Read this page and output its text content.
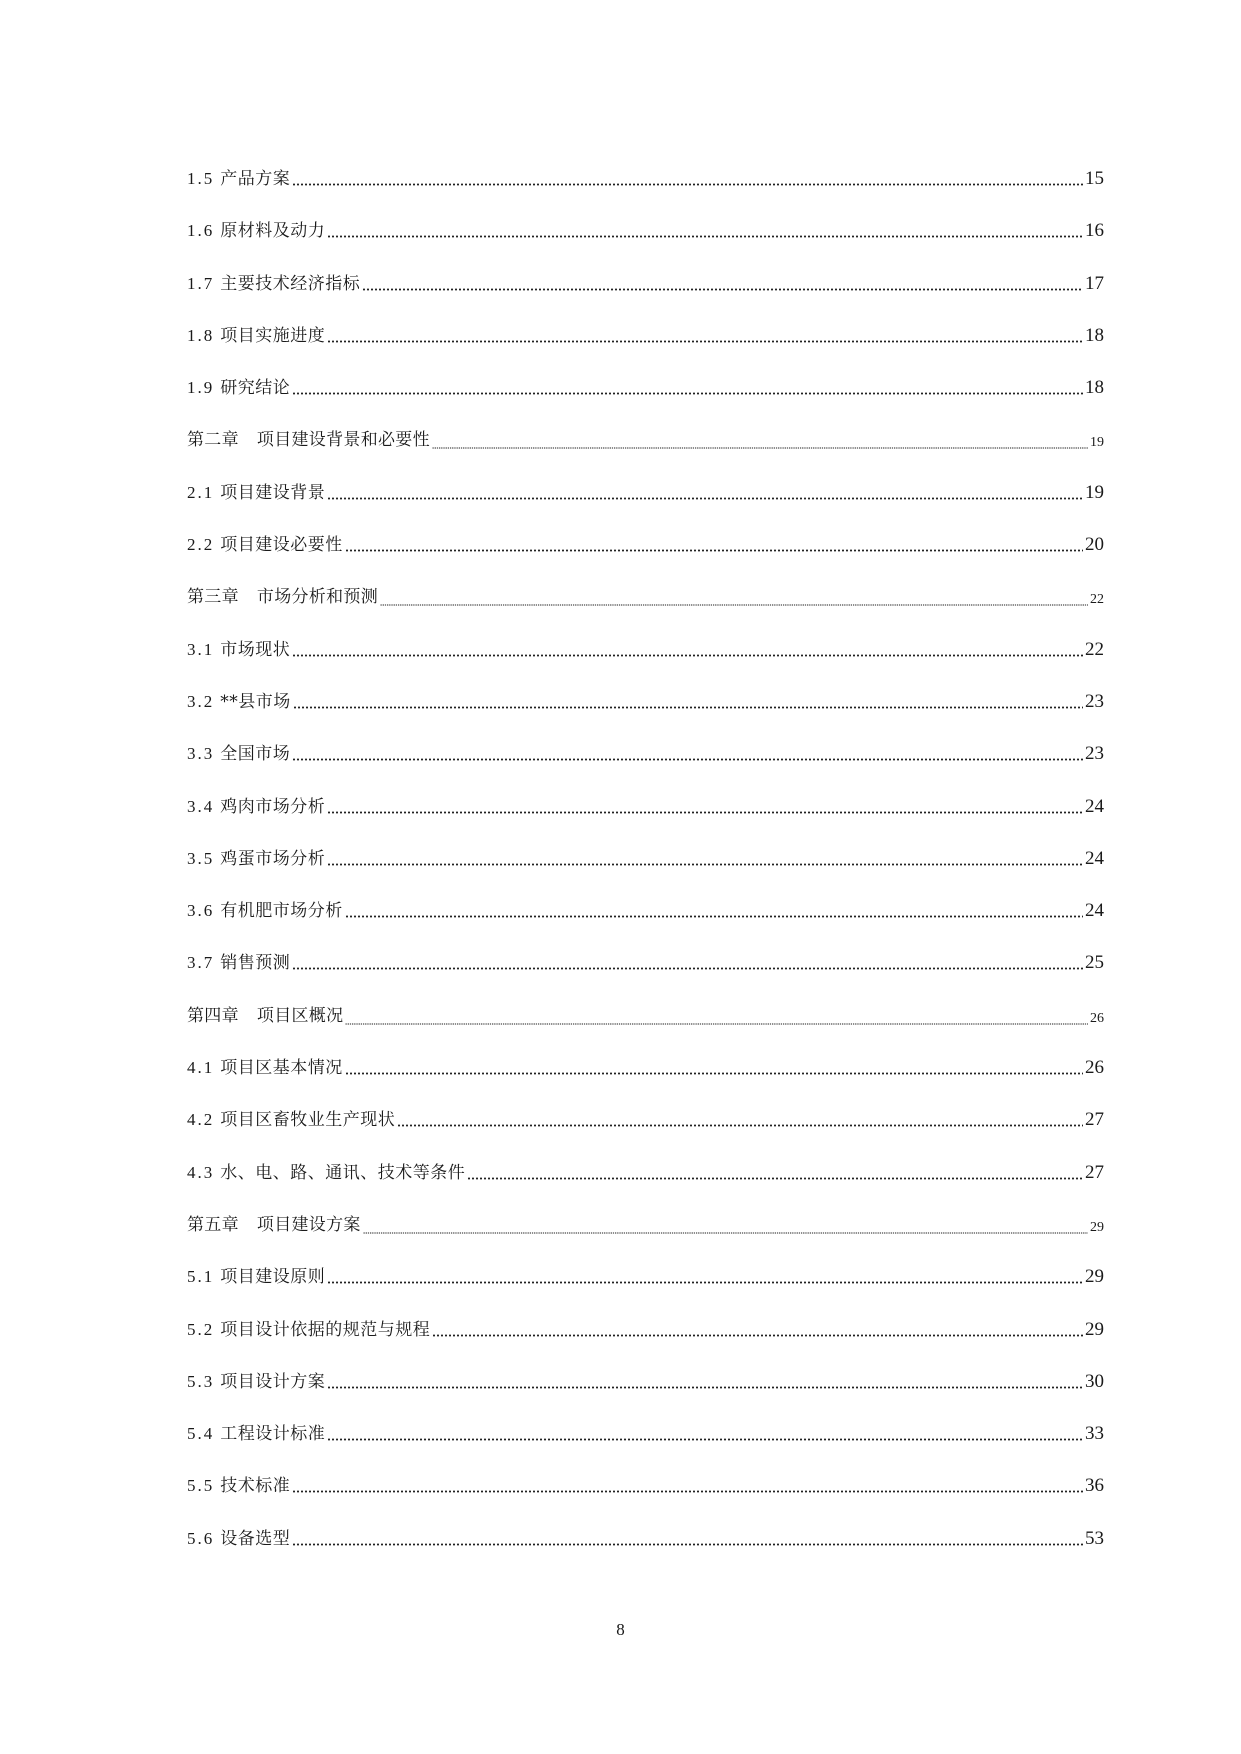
1.5 产品方案	15
1.6 原材料及动力	16
1.7 主要技术经济指标	17
1.8 项目实施进度	18
1.9 研究结论	18
第二章 项目建设背景和必要性	19
2.1 项目建设背景	19
2.2 项目建设必要性	20
第三章 市场分析和预测	22
3.1 市场现状	22
3.2 **县市场	23
3.3 全国市场	23
3.4 鸡肉市场分析	24
3.5 鸡蛋市场分析	24
3.6 有机肥市场分析	24
3.7 销售预测	25
第四章 项目区概况	26
4.1 项目区基本情况	26
4.2 项目区畜牧业生产现状	27
4.3 水、电、路、通讯、技术等条件	27
第五章 项目建设方案	29
5.1 项目建设原则	29
5.2 项目设计依据的规范与规程	29
5.3 项目设计方案	30
5.4 工程设计标准	33
5.5 技术标准	36
5.6 设备选型	53
8
